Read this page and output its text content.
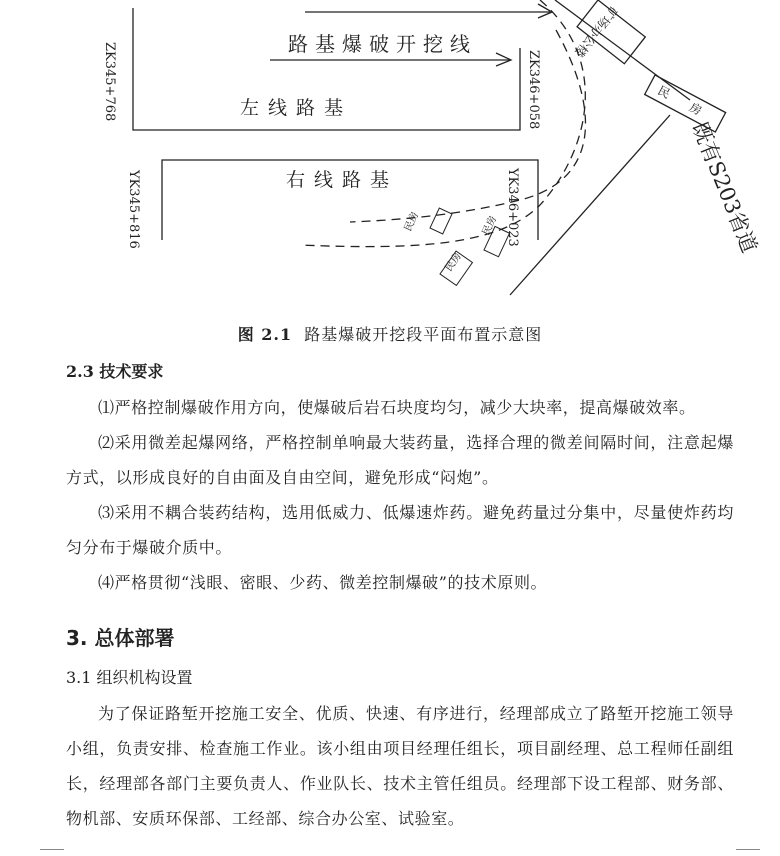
路基爆破开挖线
左线路基
ZK345+768	ZK346+058
YK345+816	YK346+023
右线路基
矿场办公楼
民 房
既有S203省道
民房	民房
民房
图 2.1 路基爆破开挖段平面布置示意图
2.3 技术要求
⑴严格控制爆破作用方向，使爆破后岩石块度均匀，减少大块率，提高爆破效率。
⑵采用微差起爆网络，严格控制单响最大装药量，选择合理的微差间隔时间，注意起爆方式，以形成良好的自由面及自由空间，避免形成“闷炮”。
⑶采用不耦合装药结构，选用低威力、低爆速炸药。避免药量过分集中，尽量使炸药均匀分布于爆破介质中。
⑷严格贯彻“浅眼、密眼、少药、微差控制爆破”的技术原则。
3. 总体部署
3.1 组织机构设置
为了保证路堑开挖施工安全、优质、快速、有序进行，经理部成立了路堑开挖施工领导小组，负责安排、检查施工作业。该小组由项目经理任组长，项目副经理、总工程师任副组长，经理部各部门主要负责人、作业队长、技术主管任组员。经理部下设工程部、财务部、物机部、安质环保部、工经部、综合办公室、试验室。
